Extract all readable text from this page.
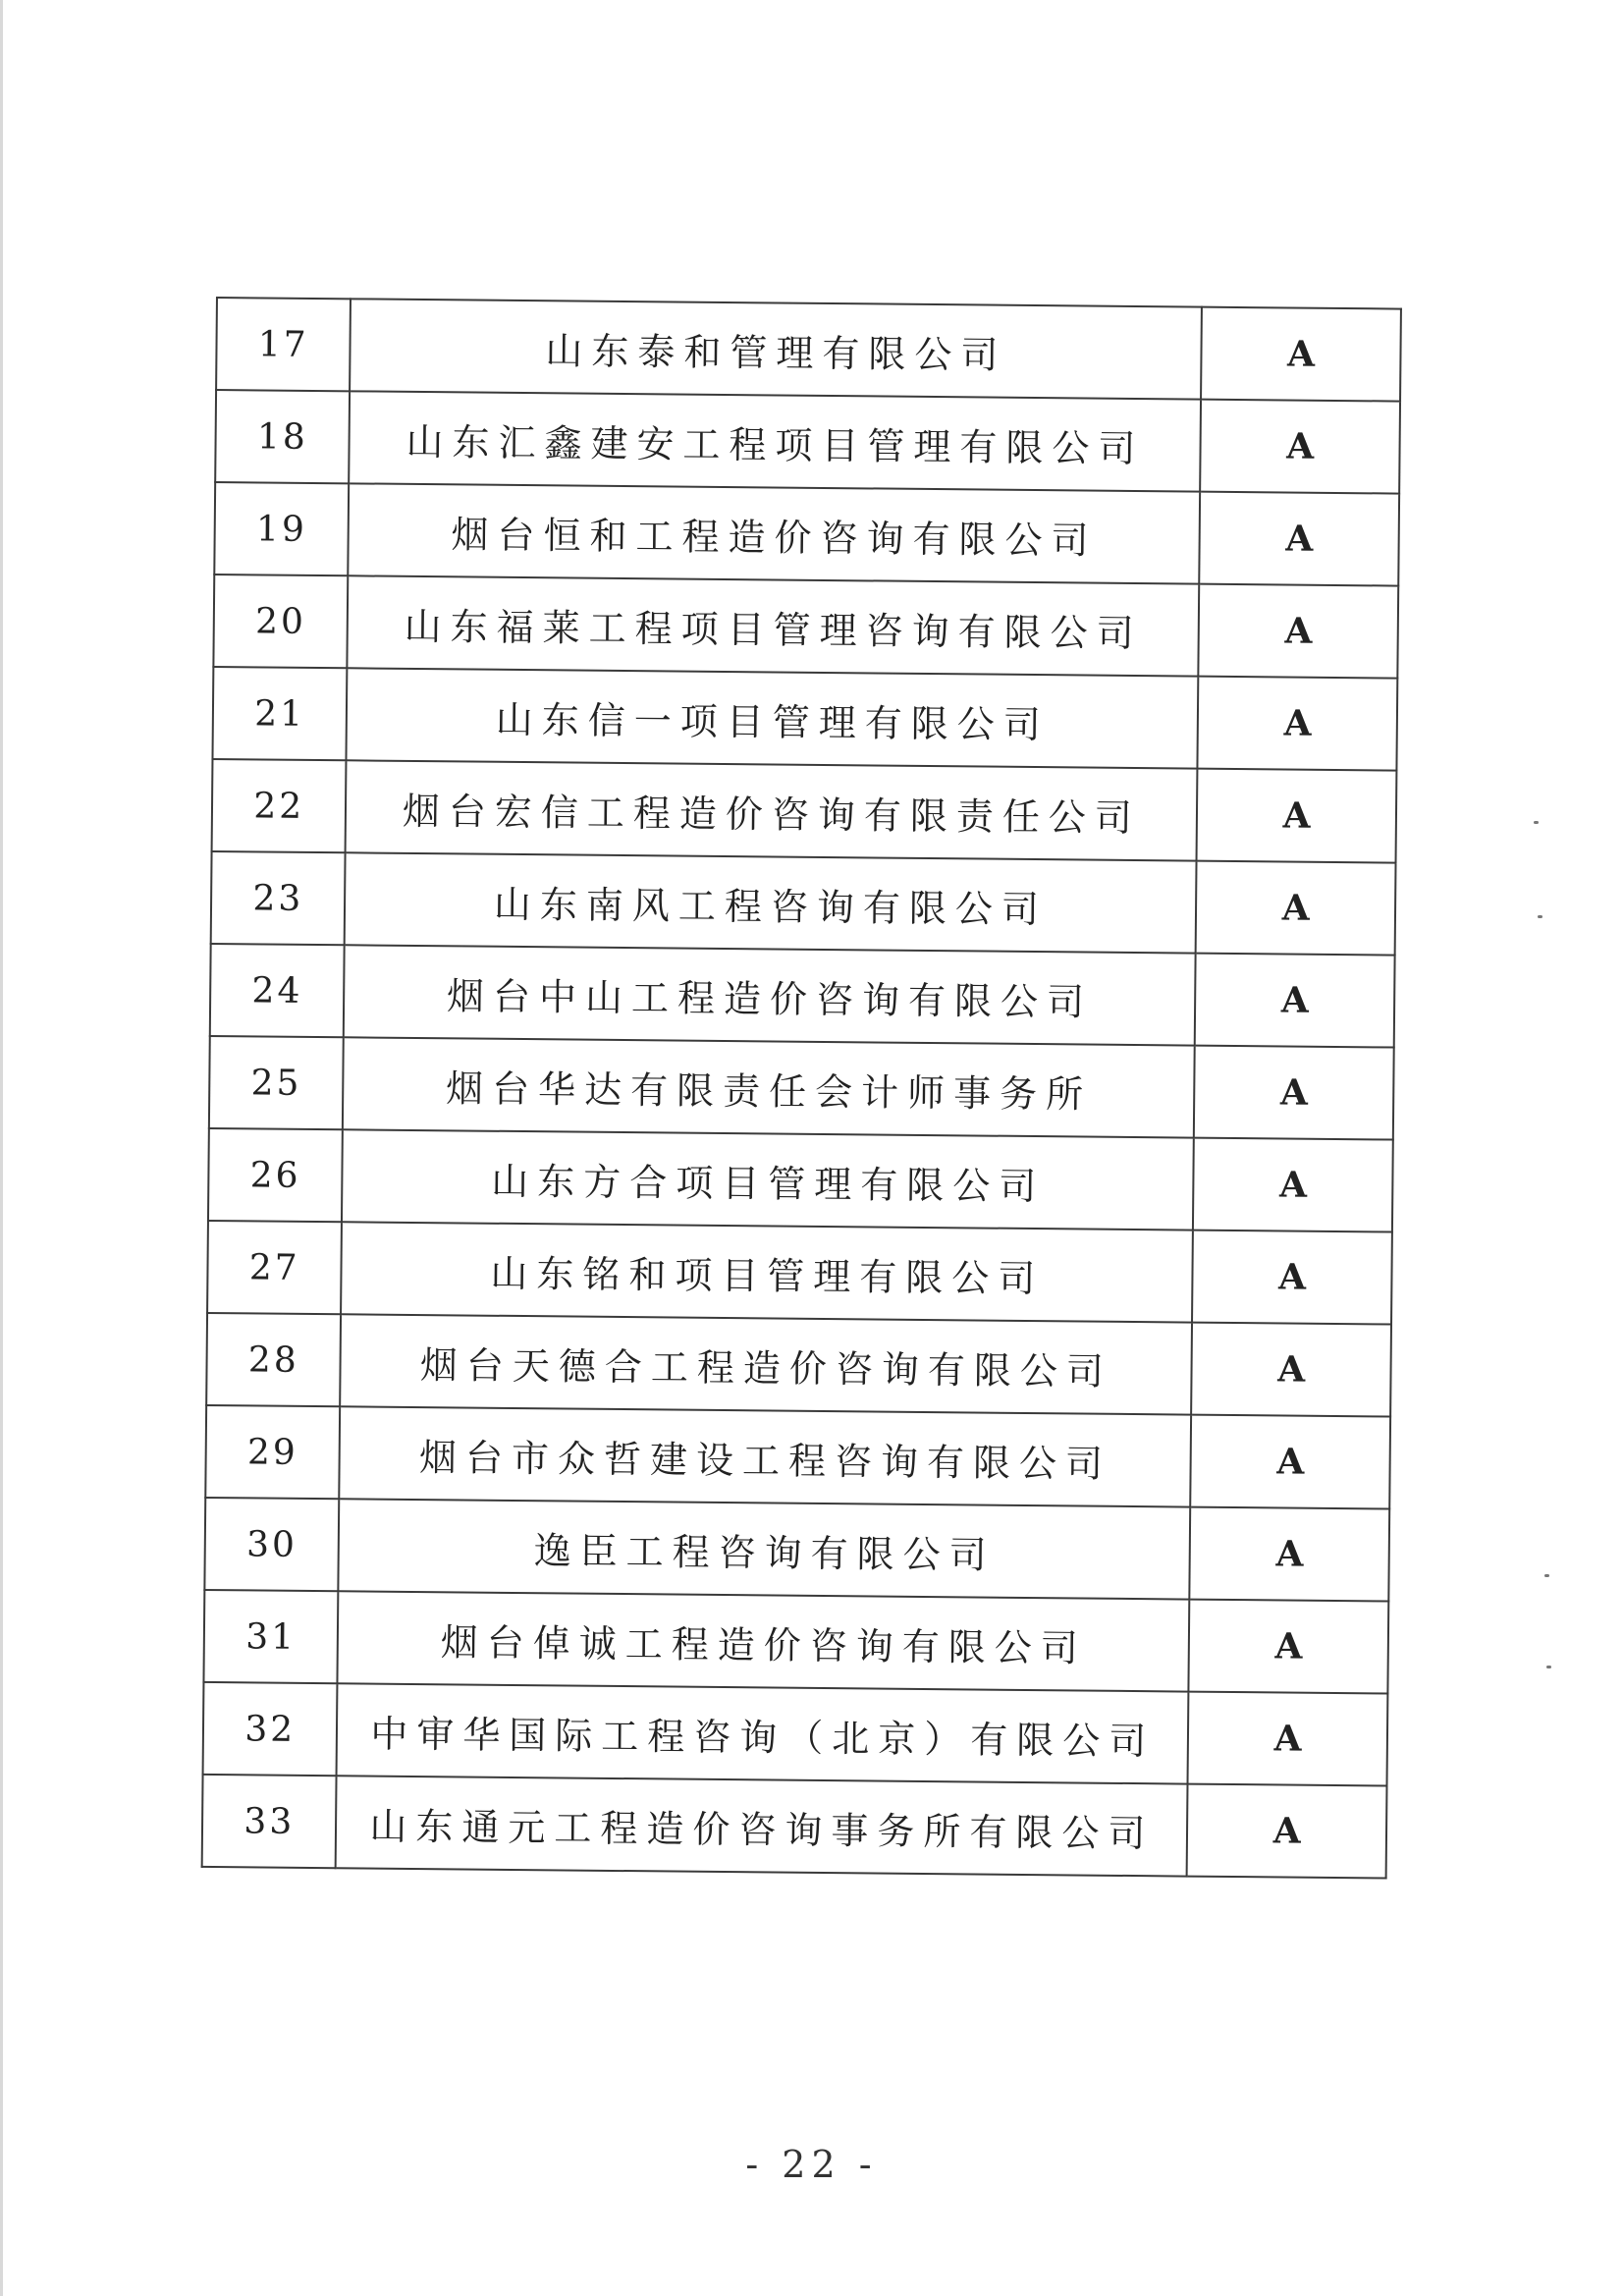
17	山东泰和管理有限公司	A
18	山东汇鑫建安工程项目管理有限公司	A
19	烟台恒和工程造价咨询有限公司	A
20	山东福莱工程项目管理咨询有限公司	A
21	山东信一项目管理有限公司	A
22	烟台宏信工程造价咨询有限责任公司	A
23	山东南风工程咨询有限公司	A
24	烟台中山工程造价咨询有限公司	A
25	烟台华达有限责任会计师事务所	A
26	山东方合项目管理有限公司	A
27	山东铭和项目管理有限公司	A
28	烟台天德合工程造价咨询有限公司	A
29	烟台市众哲建设工程咨询有限公司	A
30	逸臣工程咨询有限公司	A
31	烟台倬诚工程造价咨询有限公司	A
32	中审华国际工程咨询（北京）有限公司	A
33	山东通元工程造价咨询事务所有限公司	A
- 22 -
